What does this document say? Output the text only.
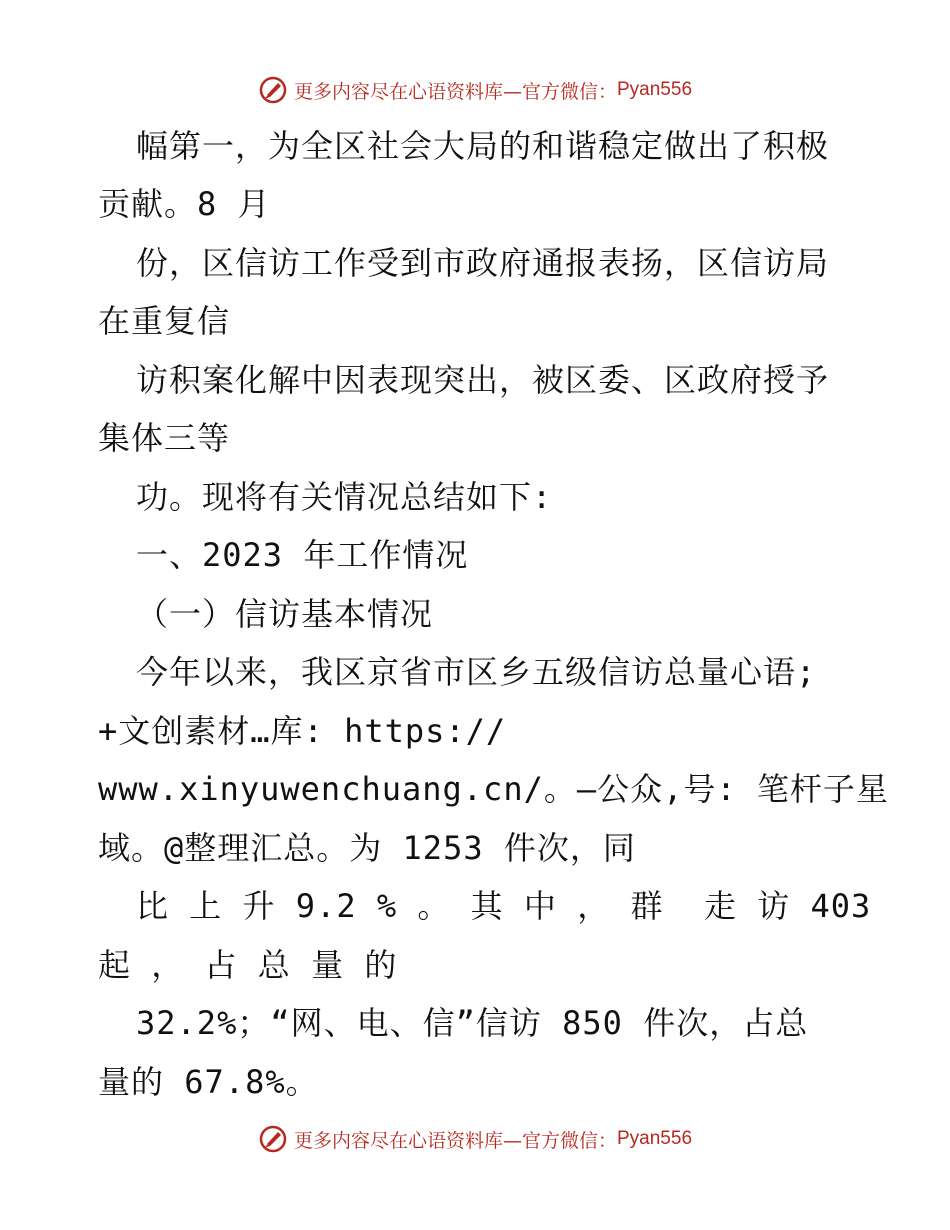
更多内容尽在心语资料库—官方微信： Pyan556
幅第一，为全区社会大局的和谐稳定做出了积极
贡献。8 月
份，区信访工作受到市政府通报表扬，区信访局
在重复信
访积案化解中因表现突出，被区委、区政府授予
集体三等
功。现将有关情况总结如下:
一、2023 年工作情况
（一）信访基本情况
今年以来，我区京省市区乡五级信访总量心语;
+文创素材…库: https://
www.xinyuwenchuang.cn/。—公众,号: 笔杆子星
域。@整理汇总。为 1253 件次，同
比 上 升 9.2 % 。 其 中 ， 群  走 访 403
起 ， 占 总 量 的
32.2%；“网、电、信”信访 850 件次，占总
量的 67.8%。
更多内容尽在心语资料库—官方微信： Pyan556
